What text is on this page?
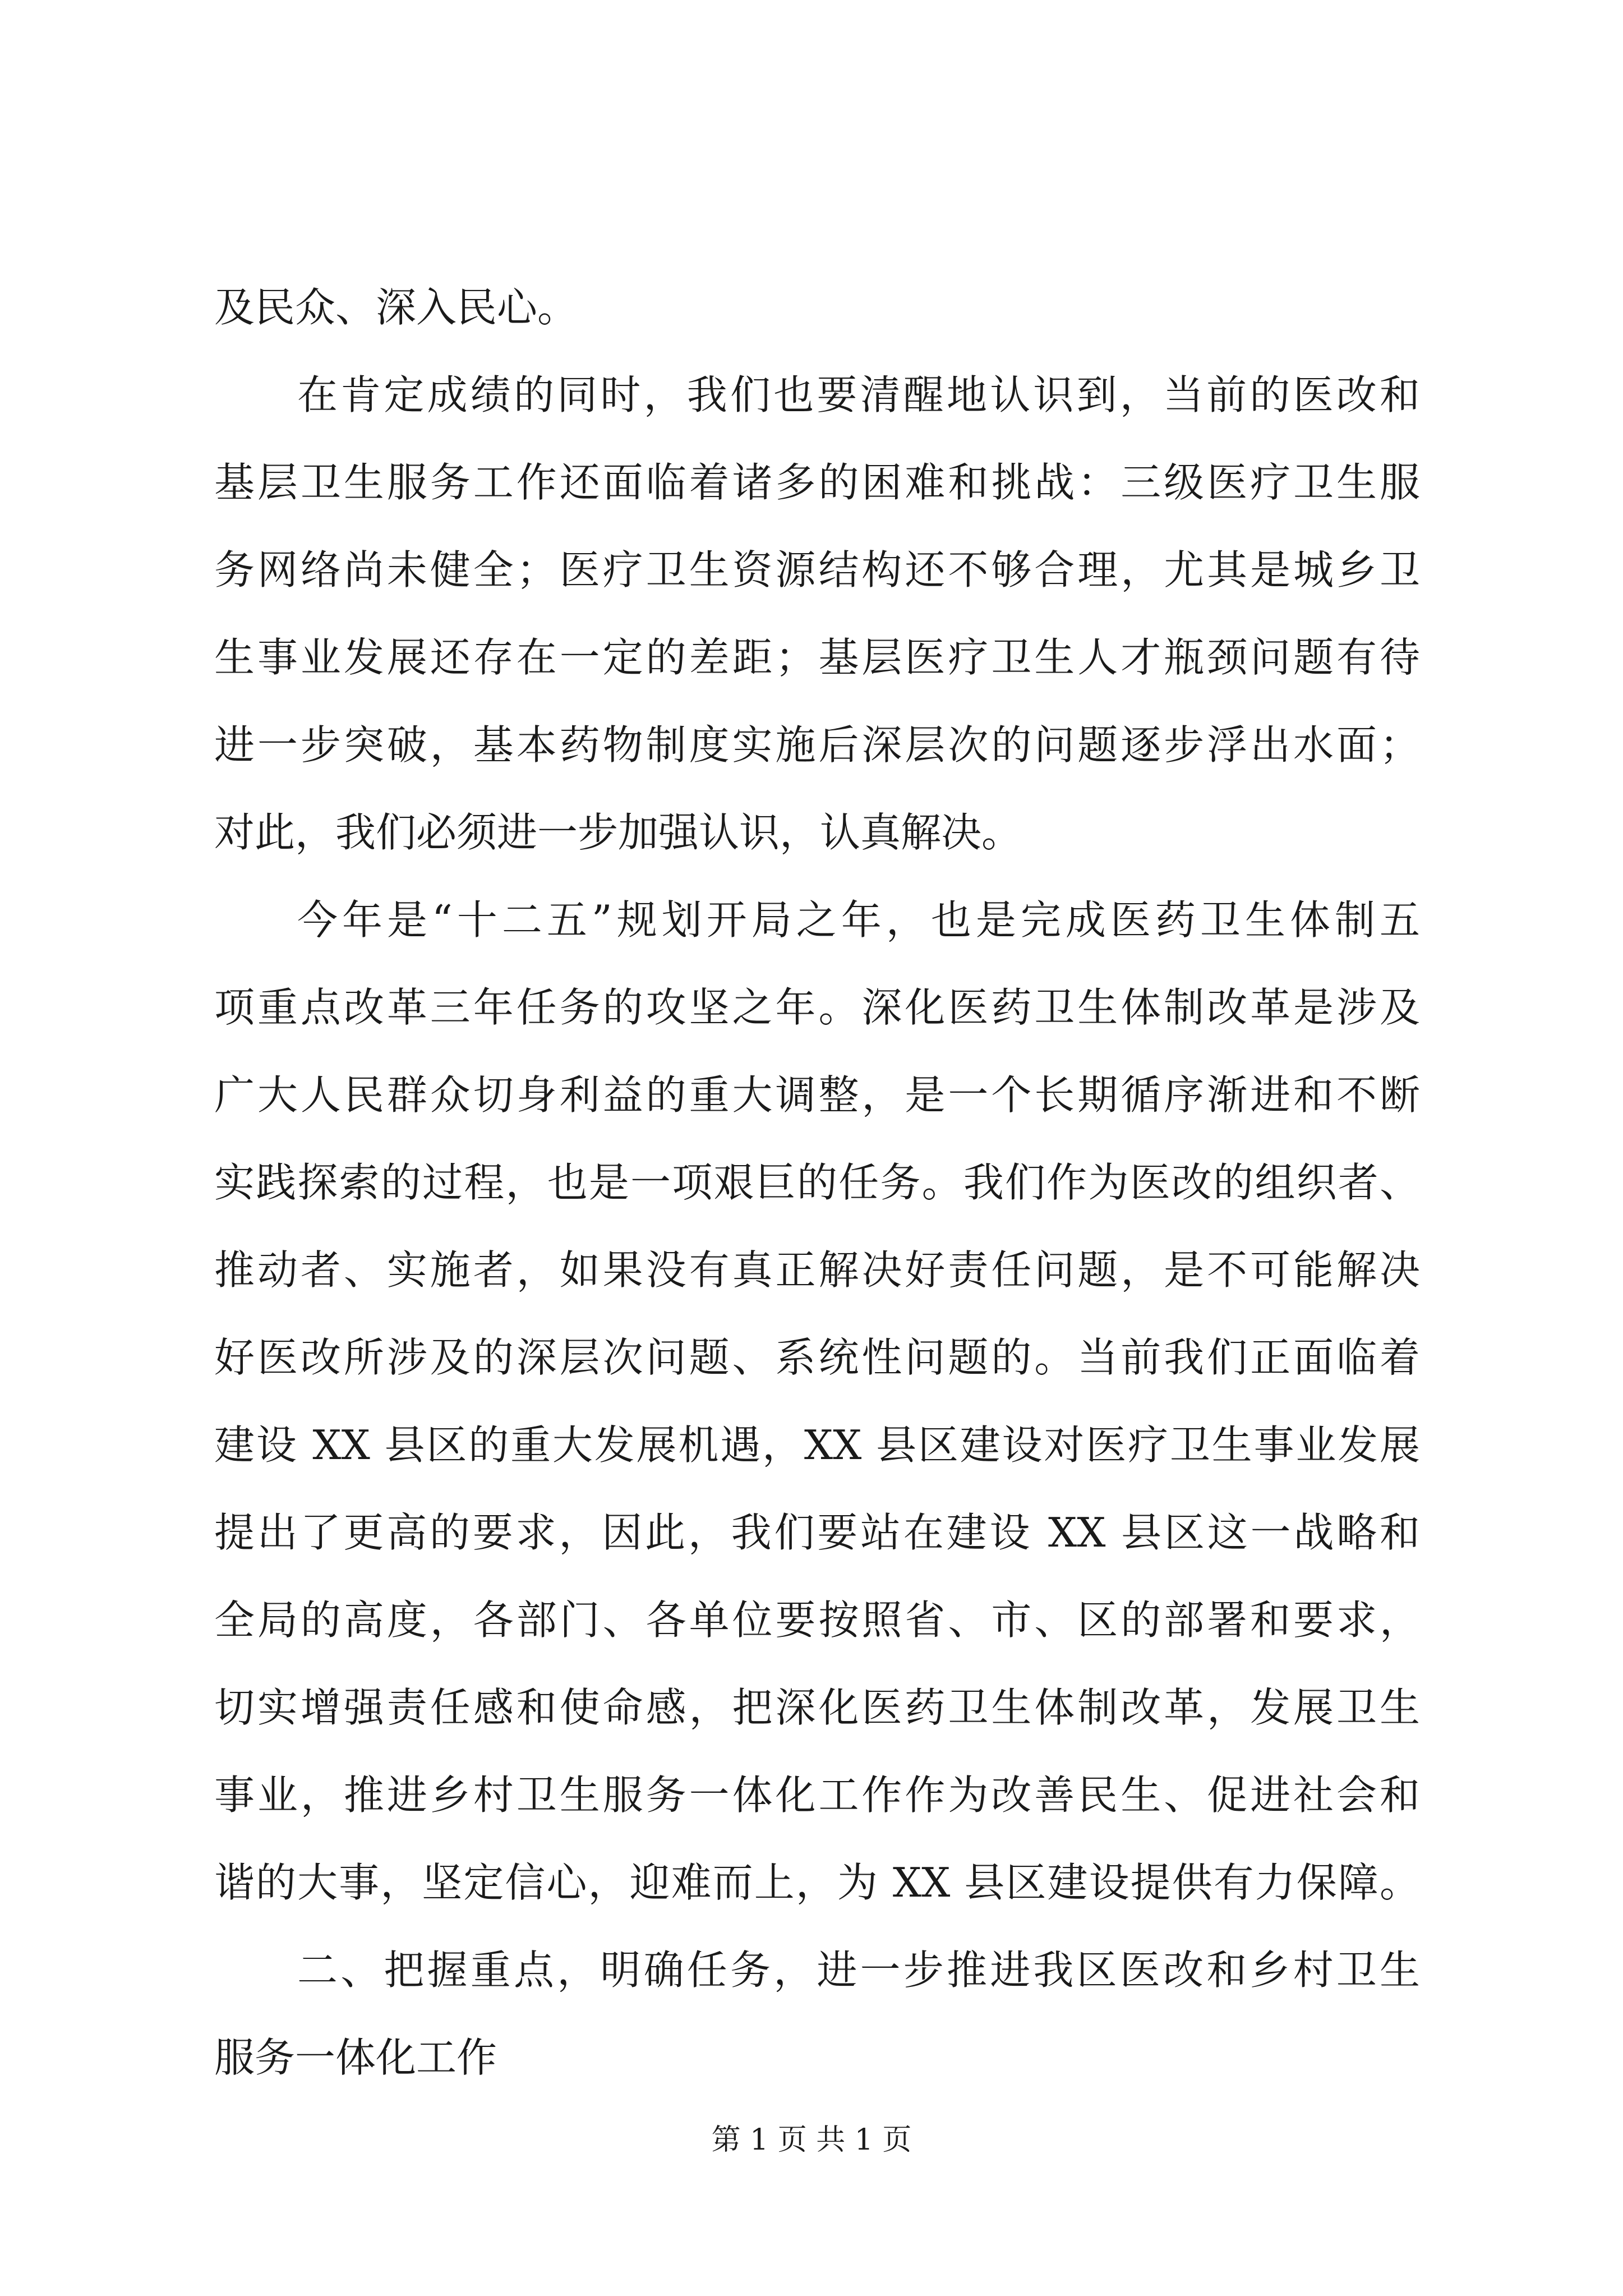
及民众、深入民心。
在肯定成绩的同时，我们也要清醒地认识到，当前的医改和
基层卫生服务工作还面临着诸多的困难和挑战：三级医疗卫生服
务网络尚未健全；医疗卫生资源结构还不够合理，尤其是城乡卫
生事业发展还存在一定的差距；基层医疗卫生人才瓶颈问题有待
进一步突破，基本药物制度实施后深层次的问题逐步浮出水面；
对此，我们必须进一步加强认识，认真解决。
今年是“十二五”规划开局之年，也是完成医药卫生体制五
项重点改革三年任务的攻坚之年。深化医药卫生体制改革是涉及
广大人民群众切身利益的重大调整，是一个长期循序渐进和不断
实践探索的过程，也是一项艰巨的任务。我们作为医改的组织者、
推动者、实施者，如果没有真正解决好责任问题，是不可能解决
好医改所涉及的深层次问题、系统性问题的。当前我们正面临着
建设 XX 县区的重大发展机遇，XX 县区建设对医疗卫生事业发展
提出了更高的要求，因此，我们要站在建设 XX 县区这一战略和
全局的高度，各部门、各单位要按照省、市、区的部署和要求，
切实增强责任感和使命感，把深化医药卫生体制改革，发展卫生
事业，推进乡村卫生服务一体化工作作为改善民生、促进社会和
谐的大事，坚定信心，迎难而上，为 XX 县区建设提供有力保障。
二、把握重点，明确任务，进一步推进我区医改和乡村卫生
服务一体化工作
第 1 页 共 1 页
